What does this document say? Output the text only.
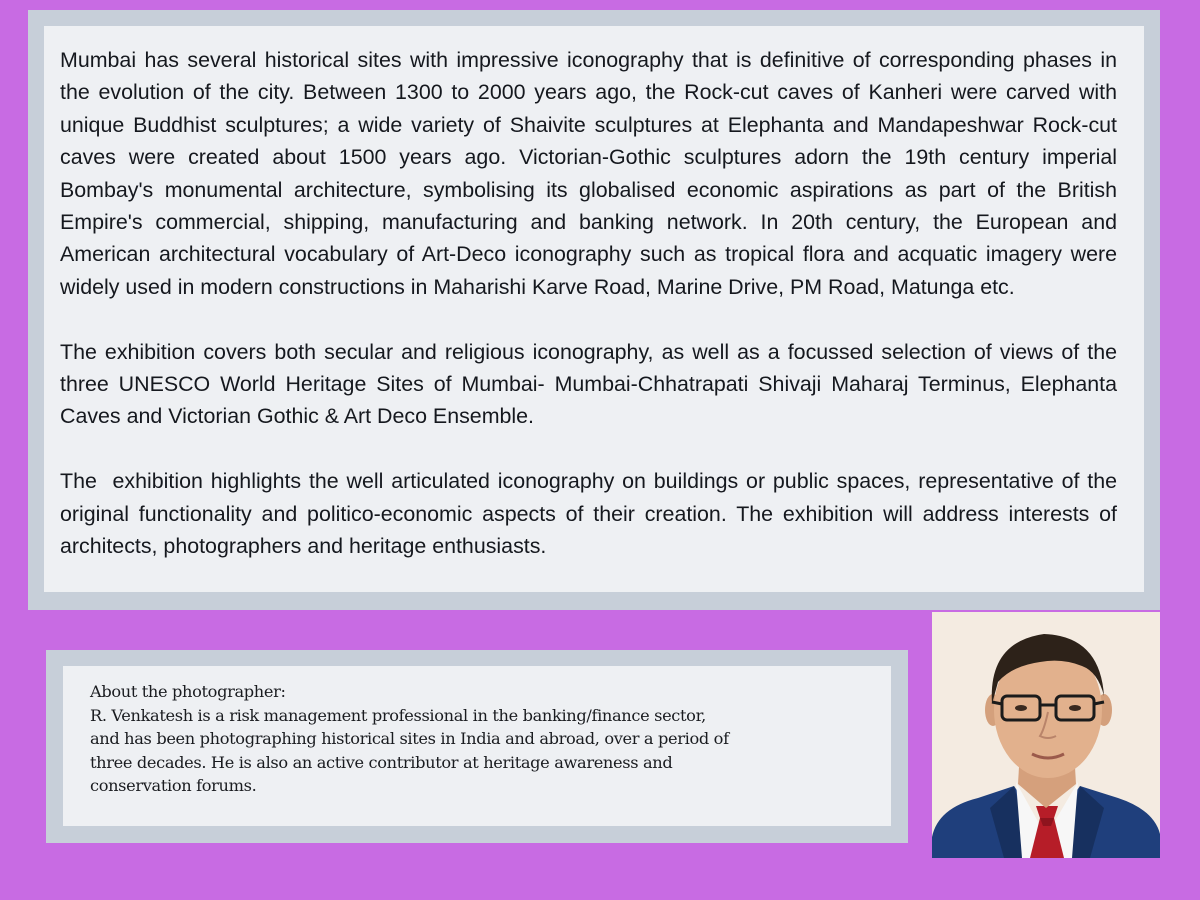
Mumbai has several historical sites with impressive iconography that is definitive of corresponding phases in the evolution of the city. Between 1300 to 2000 years ago, the Rock-cut caves of Kanheri were carved with unique Buddhist sculptures; a wide variety of Shaivite sculptures at Elephanta and Mandapeshwar Rock-cut caves were created about 1500 years ago. Victorian-Gothic sculptures adorn the 19th century imperial Bombay's monumental architecture, symbolising its globalised economic aspirations as part of the British Empire's commercial, shipping, manufacturing and banking network. In 20th century, the European and American architectural vocabulary of Art-Deco iconography such as tropical flora and acquatic imagery were widely used in modern constructions in Maharishi Karve Road, Marine Drive, PM Road, Matunga etc.

The exhibition covers both secular and religious iconography, as well as a focussed selection of views of the three UNESCO World Heritage Sites of Mumbai- Mumbai-Chhatrapati Shivaji Maharaj Terminus, Elephanta Caves and Victorian Gothic & Art Deco Ensemble.

The  exhibition highlights the well articulated iconography on buildings or public spaces, representative of the original functionality and politico-economic aspects of their creation. The exhibition will address interests of architects, photographers and heritage enthusiasts.

About the photographer:
R. Venkatesh is a risk management professional in the banking/finance sector,
and has been photographing historical sites in India and abroad, over a period of
three decades. He is also an active contributor at heritage awareness and
conservation forums.
